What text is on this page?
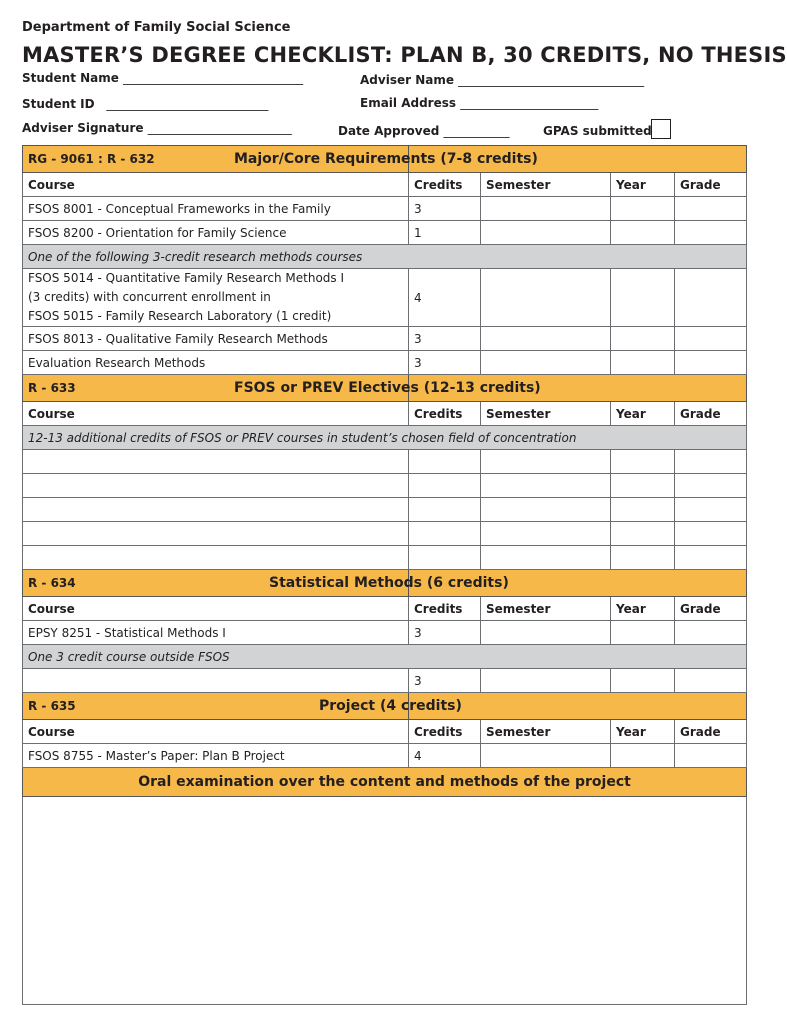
Department of Family Social Science
MASTER’S DEGREE CHECKLIST: PLAN B, 30 CREDITS, NO THESIS
Student Name ______________________________	Adviser Name _______________________________
Student ID   ___________________________	Email Address _______________________
Adviser Signature ________________________	Date Approved ___________	GPAS submitted
RG - 9061 : R - 632	Major/Core Requirements (7-8 credits)			
Course	Credits	Semester	Year	Grade
FSOS 8001 - Conceptual Frameworks in the Family	3			
FSOS 8200 - Orientation for Family Science	1			
One of the following 3-credit research methods courses				

FSOS 5014 - Quantitative Family Research Methods I
(3 credits) with concurrent enrollment in
FSOS 5015 - Family Research Laboratory (1 credit)	4			
FSOS 8013 - Qualitative Family Research Methods	3			
Evaluation Research Methods	3			
R - 633	FSOS or PREV Electives (12-13 credits)			
Course	Credits	Semester	Year	Grade
12-13 additional credits of FSOS or PREV courses in student’s chosen field of concentration				

R - 634	Statistical Methods (6 credits)			
Course	Credits	Semester	Year	Grade
EPSY 8251 - Statistical Methods I	3			
One 3 credit course outside FSOS				
	3			
R - 635	Project (4 credits)			
Course	Credits	Semester	Year	Grade
FSOS 8755 - Master’s Paper: Plan B Project	4			
Oral examination over the content and methods of the project				
